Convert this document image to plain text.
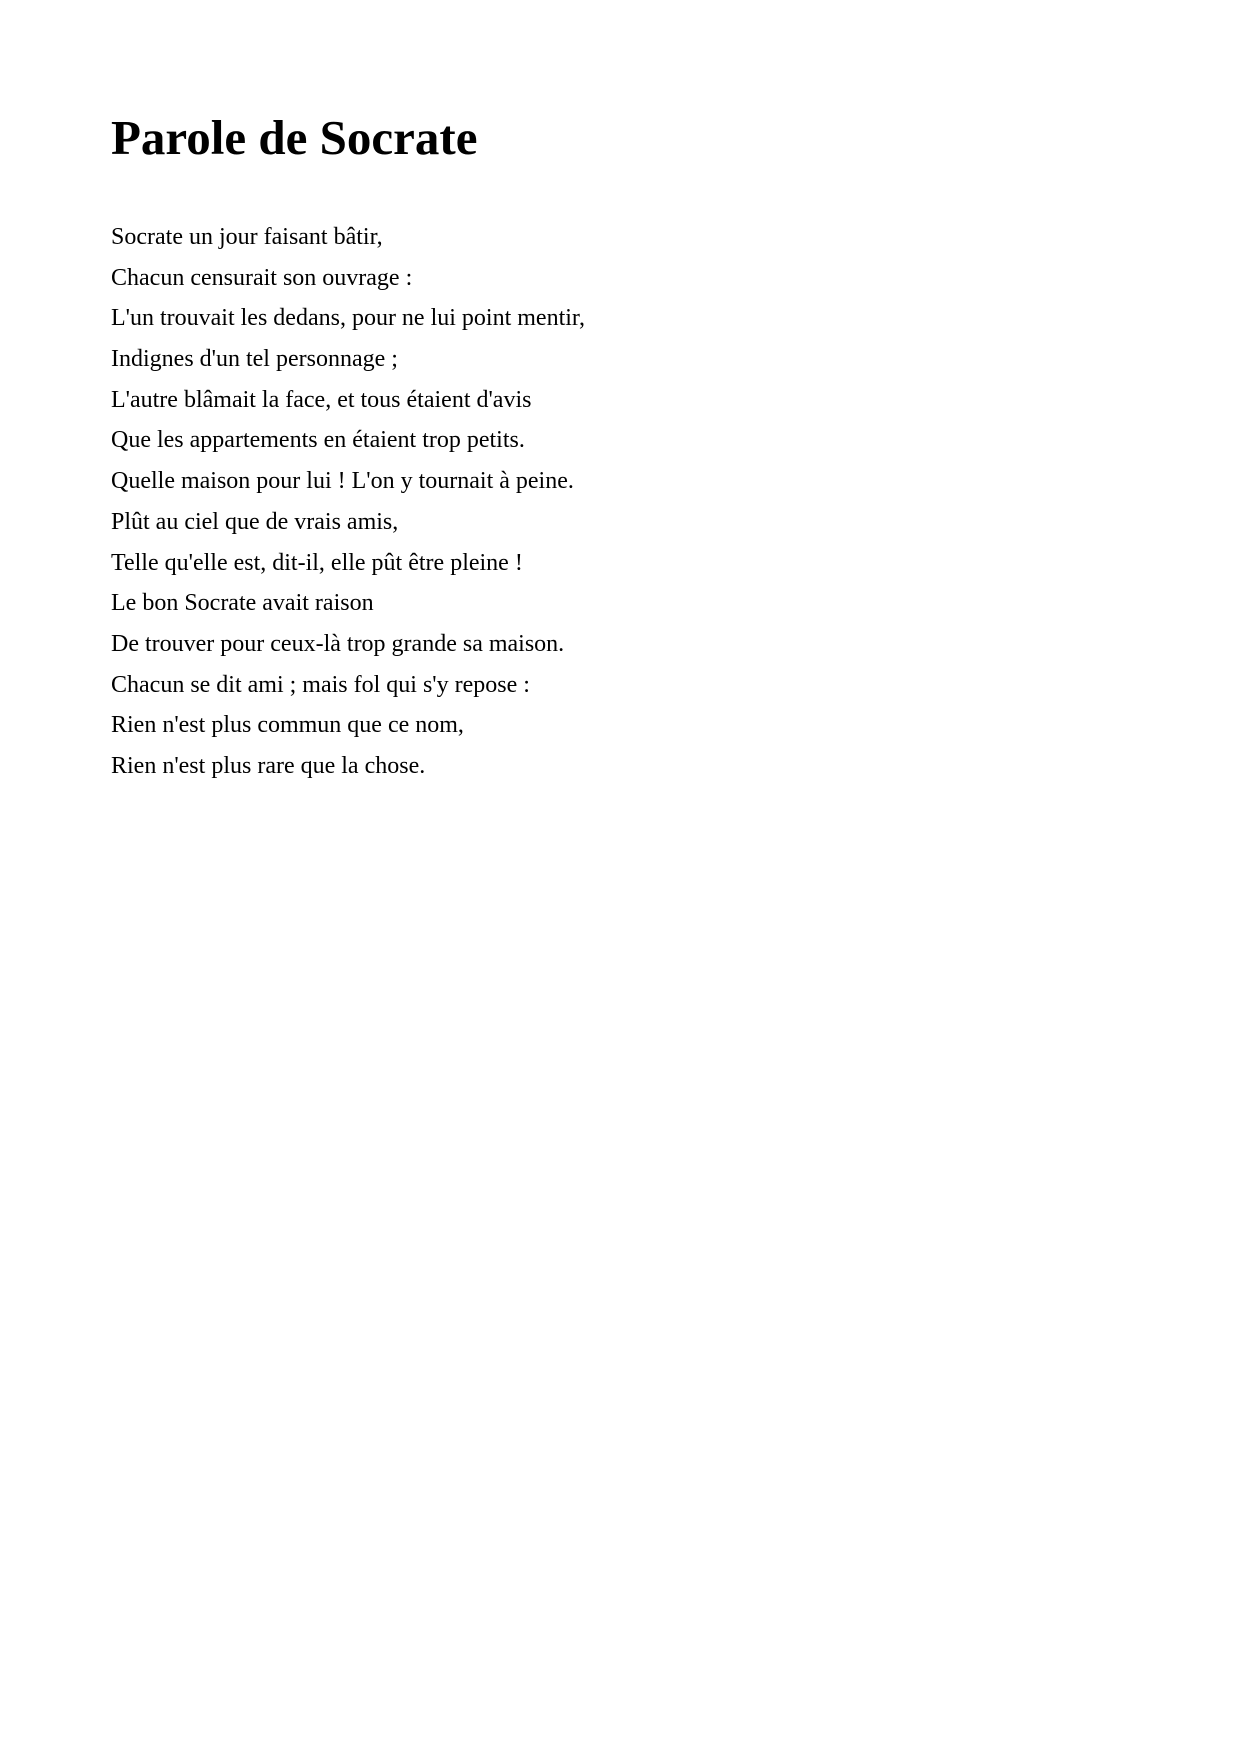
Parole de Socrate
Socrate un jour faisant bâtir,
Chacun censurait son ouvrage :
L'un trouvait les dedans, pour ne lui point mentir,
Indignes d'un tel personnage ;
L'autre blâmait la face, et tous étaient d'avis
Que les appartements en étaient trop petits.
Quelle maison pour lui ! L'on y tournait à peine.
Plût au ciel que de vrais amis,
Telle qu'elle est, dit-il, elle pût être pleine !
Le bon Socrate avait raison
De trouver pour ceux-là trop grande sa maison.
Chacun se dit ami ; mais fol qui s'y repose :
Rien n'est plus commun que ce nom,
Rien n'est plus rare que la chose.
